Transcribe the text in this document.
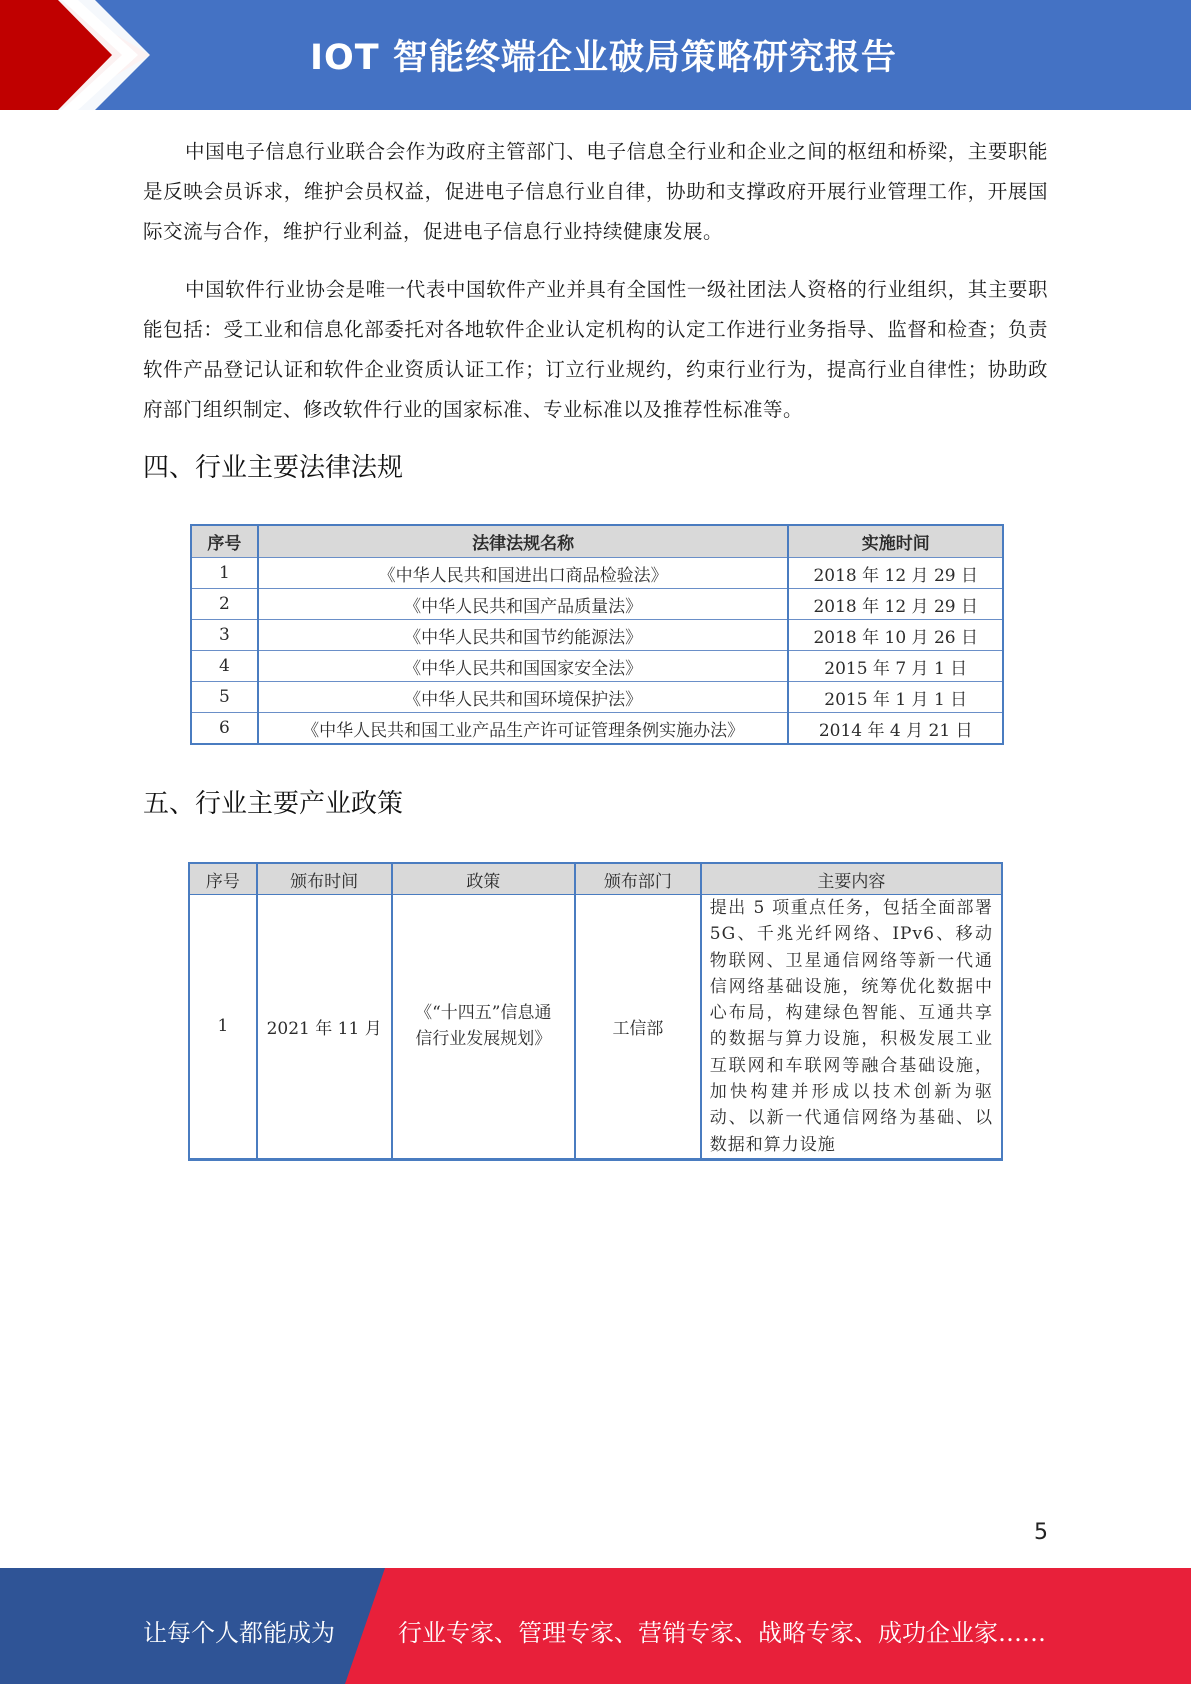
IOT 智能终端企业破局策略研究报告

中国电子信息行业联合会作为政府主管部门、电子信息全行业和企业之间的枢纽和桥梁，主要职能是反映会员诉求，维护会员权益，促进电子信息行业自律，协助和支撑政府开展行业管理工作，开展国际交流与合作，维护行业利益，促进电子信息行业持续健康发展。

中国软件行业协会是唯一代表中国软件产业并具有全国性一级社团法人资格的行业组织，其主要职能包括：受工业和信息化部委托对各地软件企业认定机构的认定工作进行业务指导、监督和检查；负责软件产品登记认证和软件企业资质认证工作；订立行业规约，约束行业行为，提高行业自律性；协助政府部门组织制定、修改软件行业的国家标准、专业标准以及推荐性标准等。

四、行业主要法律法规
序号	法律法规名称	实施时间
1	《中华人民共和国进出口商品检验法》	2018 年 12 月 29 日
2	《中华人民共和国产品质量法》	2018 年 12 月 29 日
3	《中华人民共和国节约能源法》	2018 年 10 月 26 日
4	《中华人民共和国国家安全法》	2015 年 7 月 1 日
5	《中华人民共和国环境保护法》	2015 年 1 月 1 日
6	《中华人民共和国工业产品生产许可证管理条例实施办法》	2014 年 4 月 21 日
五、行业主要产业政策
序号	颁布时间	政策	颁布部门	主要内容
1	2021 年 11 月	《“十四五”信息通信行业发展规划》	工信部	提出 5 项重点任务，包括全面部署 5G、千兆光纤网络、IPv6、移动物联网、卫星通信网络等新一代通信网络基础设施，统筹优化数据中心布局，构建绿色智能、互通共享的数据与算力设施，积极发展工业互联网和车联网等融合基础设施，加快构建并形成以技术创新为驱动、以新一代通信网络为基础、以数据和算力设施
5
让每个人都能成为	行业专家、管理专家、营销专家、战略专家、成功企业家……
